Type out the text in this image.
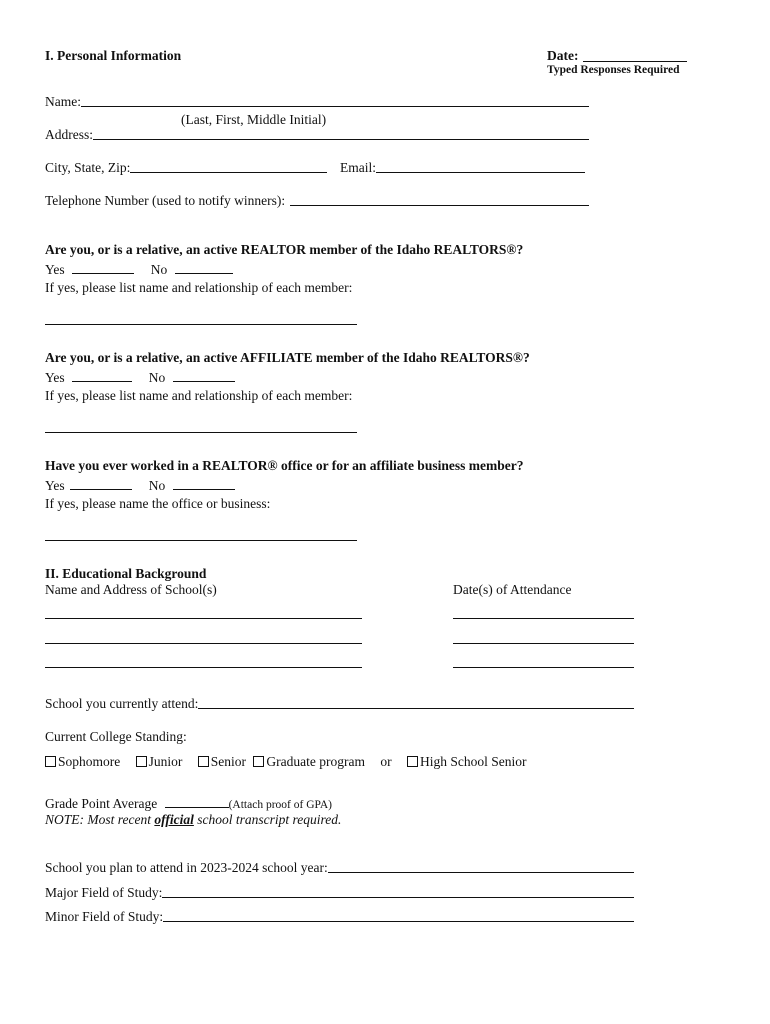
I. Personal Information	Date:
Typed Responses Required
Name:
(Last, First, Middle Initial)
Address:
City, State, Zip:	Email:
Telephone Number (used to notify winners):
Are you, or is a relative, an active REALTOR member of the Idaho REALTORS®?
Yes	No
If yes, please list name and relationship of each member:
Are you, or is a relative, an active AFFILIATE member of the Idaho REALTORS®?
Yes	No
If yes, please list name and relationship of each member:
Have you ever worked in a REALTOR® office or for an affiliate business member?
Yes	No
If yes, please name the office or business:
II. Educational Background
Name and Address of School(s)	Date(s) of Attendance
School you currently attend:
Current College Standing:
Sophomore Junior Senior Graduate program or High School Senior
Grade Point Average	(Attach proof of GPA)
NOTE: Most recent official school transcript required.
School you plan to attend in 2023-2024 school year:
Major Field of Study:
Minor Field of Study:
